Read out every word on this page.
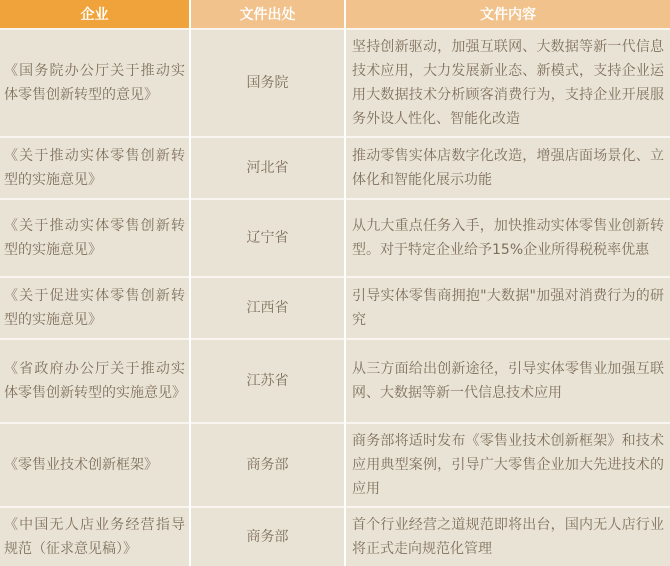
企业	文件出处	文件内容
《国务院办公厅关于推动实体零售创新转型的意见》	国务院	坚持创新驱动，加强互联网、大数据等新一代信息技术应用，大力发展新业态、新模式，支持企业运用大数据技术分析顾客消费行为，支持企业开展服务外设人性化、智能化改造
《关于推动实体零售创新转型的实施意见》	河北省	推动零售实体店数字化改造，增强店面场景化、立体化和智能化展示功能
《关于推动实体零售创新转型的实施意见》	辽宁省	从九大重点任务入手，加快推动实体零售业创新转型。对于特定企业给予15%企业所得税税率优惠
《关于促进实体零售创新转型的实施意见》	江西省	引导实体零售商拥抱"大数据"加强对消费行为的研究
《省政府办公厅关于推动实体零售创新转型的实施意见》	江苏省	从三方面给出创新途径，引导实体零售业加强互联网、大数据等新一代信息技术应用
《零售业技术创新框架》	商务部	商务部将适时发布《零售业技术创新框架》和技术应用典型案例，引导广大零售企业加大先进技术的应用
《中国无人店业务经营指导规范（征求意见稿）》	商务部	首个行业经营之道规范即将出台，国内无人店行业将正式走向规范化管理
